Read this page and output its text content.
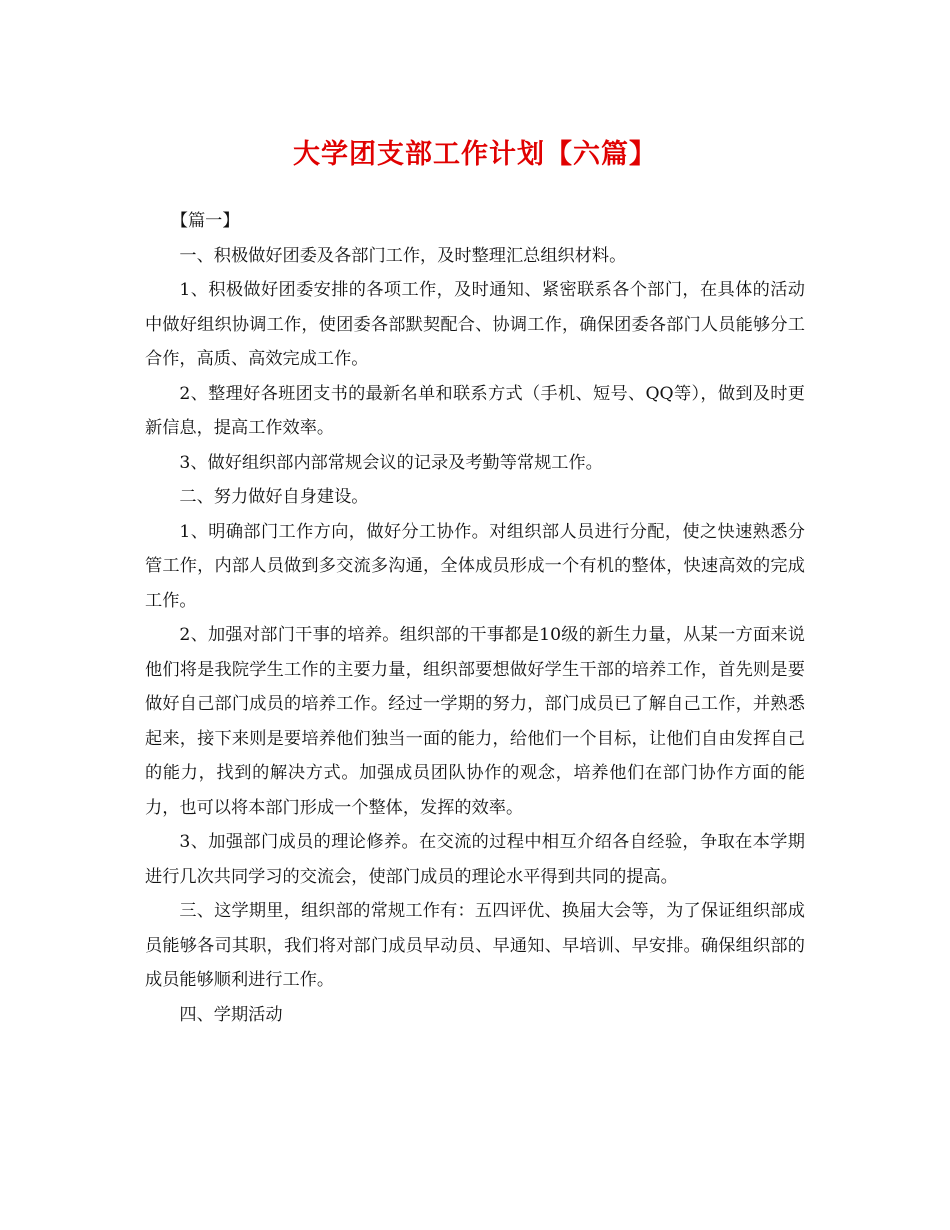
大学团支部工作计划【六篇】

【篇一】

一、积极做好团委及各部门工作，及时整理汇总组织材料。

1、积极做好团委安排的各项工作，及时通知、紧密联系各个部门，在具体的活动中做好组织协调工作，使团委各部默契配合、协调工作，确保团委各部门人员能够分工合作，高质、高效完成工作。

2、整理好各班团支书的最新名单和联系方式（手机、短号、QQ等），做到及时更新信息，提高工作效率。

3、做好组织部内部常规会议的记录及考勤等常规工作。

二、努力做好自身建设。

1、明确部门工作方向，做好分工协作。对组织部人员进行分配，使之快速熟悉分管工作，内部人员做到多交流多沟通，全体成员形成一个有机的整体，快速高效的完成工作。

2、加强对部门干事的培养。组织部的干事都是10级的新生力量，从某一方面来说他们将是我院学生工作的主要力量，组织部要想做好学生干部的培养工作，首先则是要做好自己部门成员的培养工作。经过一学期的努力，部门成员已了解自己工作，并熟悉起来，接下来则是要培养他们独当一面的能力，给他们一个目标，让他们自由发挥自己的能力，找到的解决方式。加强成员团队协作的观念，培养他们在部门协作方面的能力，也可以将本部门形成一个整体，发挥的效率。

3、加强部门成员的理论修养。在交流的过程中相互介绍各自经验，争取在本学期进行几次共同学习的交流会，使部门成员的理论水平得到共同的提高。

三、这学期里，组织部的常规工作有：五四评优、换届大会等，为了保证组织部成员能够各司其职，我们将对部门成员早动员、早通知、早培训、早安排。确保组织部的成员能够顺利进行工作。

四、学期活动
